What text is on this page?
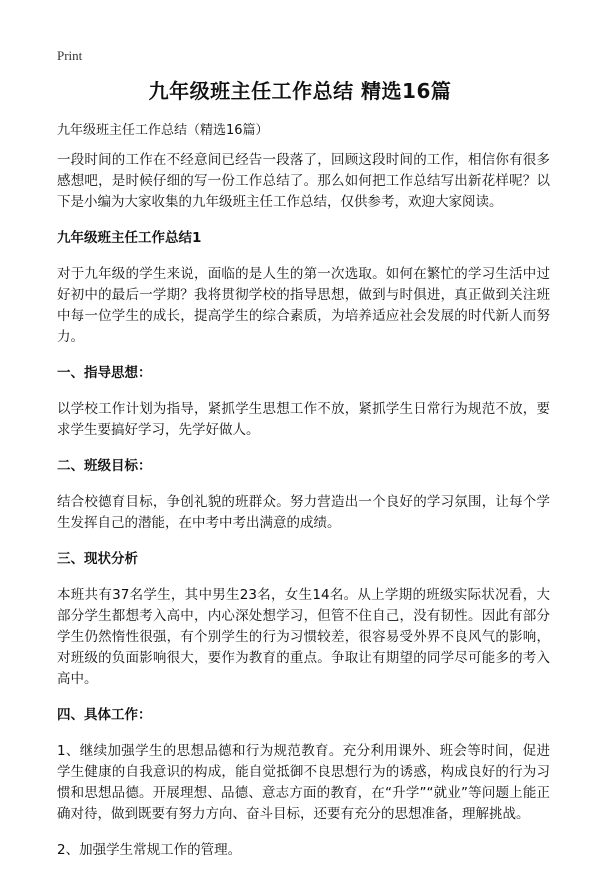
Print
九年级班主任工作总结 精选16篇

九年级班主任工作总结（精选16篇）

一段时间的工作在不经意间已经告一段落了，回顾这段时间的工作，相信你有很多感想吧，是时候仔细的写一份工作总结了。那么如何把工作总结写出新花样呢？以下是小编为大家收集的九年级班主任工作总结，仅供参考，欢迎大家阅读。

九年级班主任工作总结1

对于九年级的学生来说，面临的是人生的第一次选取。如何在繁忙的学习生活中过好初中的最后一学期？我将贯彻学校的指导思想，做到与时俱进，真正做到关注班中每一位学生的成长，提高学生的综合素质，为培养适应社会发展的时代新人而努力。

一、指导思想：

以学校工作计划为指导，紧抓学生思想工作不放，紧抓学生日常行为规范不放，要求学生要搞好学习，先学好做人。

二、班级目标：

结合校德育目标，争创礼貌的班群众。努力营造出一个良好的学习氛围，让每个学生发挥自己的潜能，在中考中考出满意的成绩。

三、现状分析

本班共有37名学生，其中男生23名，女生14名。从上学期的班级实际状况看，大部分学生都想考入高中，内心深处想学习，但管不住自己，没有韧性。因此有部分学生仍然惰性很强，有个别学生的行为习惯较差，很容易受外界不良风气的影响，对班级的负面影响很大，要作为教育的重点。争取让有期望的同学尽可能多的考入高中。

四、具体工作：

1、继续加强学生的思想品德和行为规范教育。充分利用课外、班会等时间，促进学生健康的自我意识的构成，能自觉抵御不良思想行为的诱惑，构成良好的行为习惯和思想品德。开展理想、品德、意志方面的教育，在“升学”“就业”等问题上能正确对待，做到既要有努力方向、奋斗目标，还要有充分的思想准备，理解挑战。

2、加强学生常规工作的管理。
